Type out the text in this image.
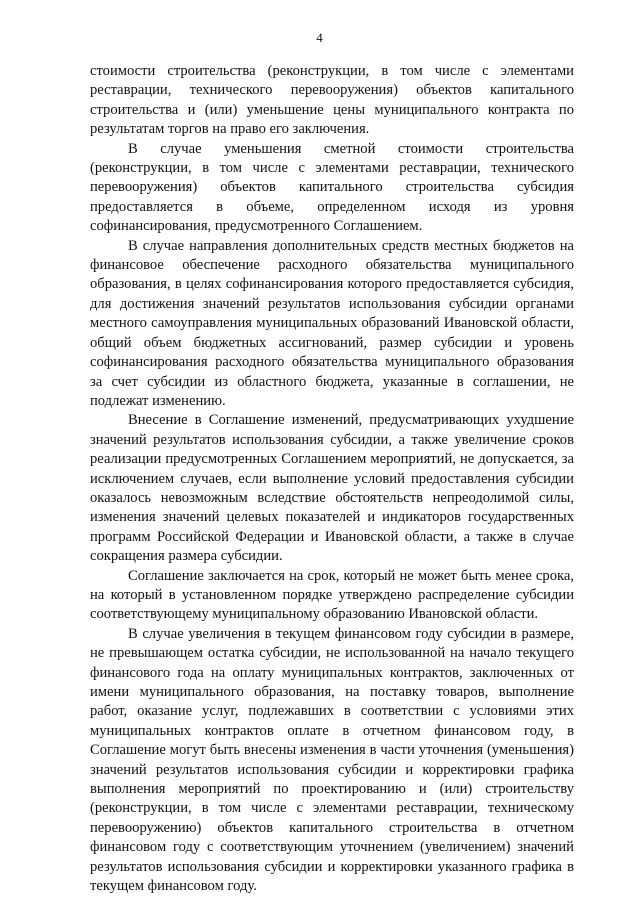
4

стоимости строительства (реконструкции, в том числе с элементами реставрации, технического перевооружения) объектов капитального строительства и (или) уменьшение цены муниципального контракта по результатам торгов на право его заключения.

В случае уменьшения сметной стоимости строительства (реконструкции, в том числе с элементами реставрации, технического перевооружения) объектов капитального строительства субсидия предоставляется в объеме, определенном исходя из уровня софинансирования, предусмотренного Соглашением.

В случае направления дополнительных средств местных бюджетов на финансовое обеспечение расходного обязательства муниципального образования, в целях софинансирования которого предоставляется субсидия, для достижения значений результатов использования субсидии органами местного самоуправления муниципальных образований Ивановской области, общий объем бюджетных ассигнований, размер субсидии и уровень софинансирования расходного обязательства муниципального образования за счет субсидии из областного бюджета, указанные в соглашении, не подлежат изменению.

Внесение в Соглашение изменений, предусматривающих ухудшение значений результатов использования субсидии, а также увеличение сроков реализации предусмотренных Соглашением мероприятий, не допускается, за исключением случаев, если выполнение условий предоставления субсидии оказалось невозможным вследствие обстоятельств непреодолимой силы, изменения значений целевых показателей и индикаторов государственных программ Российской Федерации и Ивановской области, а также в случае сокращения размера субсидии.

Соглашение заключается на срок, который не может быть менее срока, на который в установленном порядке утверждено распределение субсидии соответствующему муниципальному образованию Ивановской области.

В случае увеличения в текущем финансовом году субсидии в размере, не превышающем остатка субсидии, не использованной на начало текущего финансового года на оплату муниципальных контрактов, заключенных от имени муниципального образования, на поставку товаров, выполнение работ, оказание услуг, подлежавших в соответствии с условиями этих муниципальных контрактов оплате в отчетном финансовом году, в Соглашение могут быть внесены изменения в части уточнения (уменьшения) значений результатов использования субсидии и корректировки графика выполнения мероприятий по проектированию и (или) строительству (реконструкции, в том числе с элементами реставрации, техническому перевооружению) объектов капитального строительства в отчетном финансовом году с соответствующим уточнением (увеличением) значений результатов использования субсидии и корректировки указанного графика в текущем финансовом году.
